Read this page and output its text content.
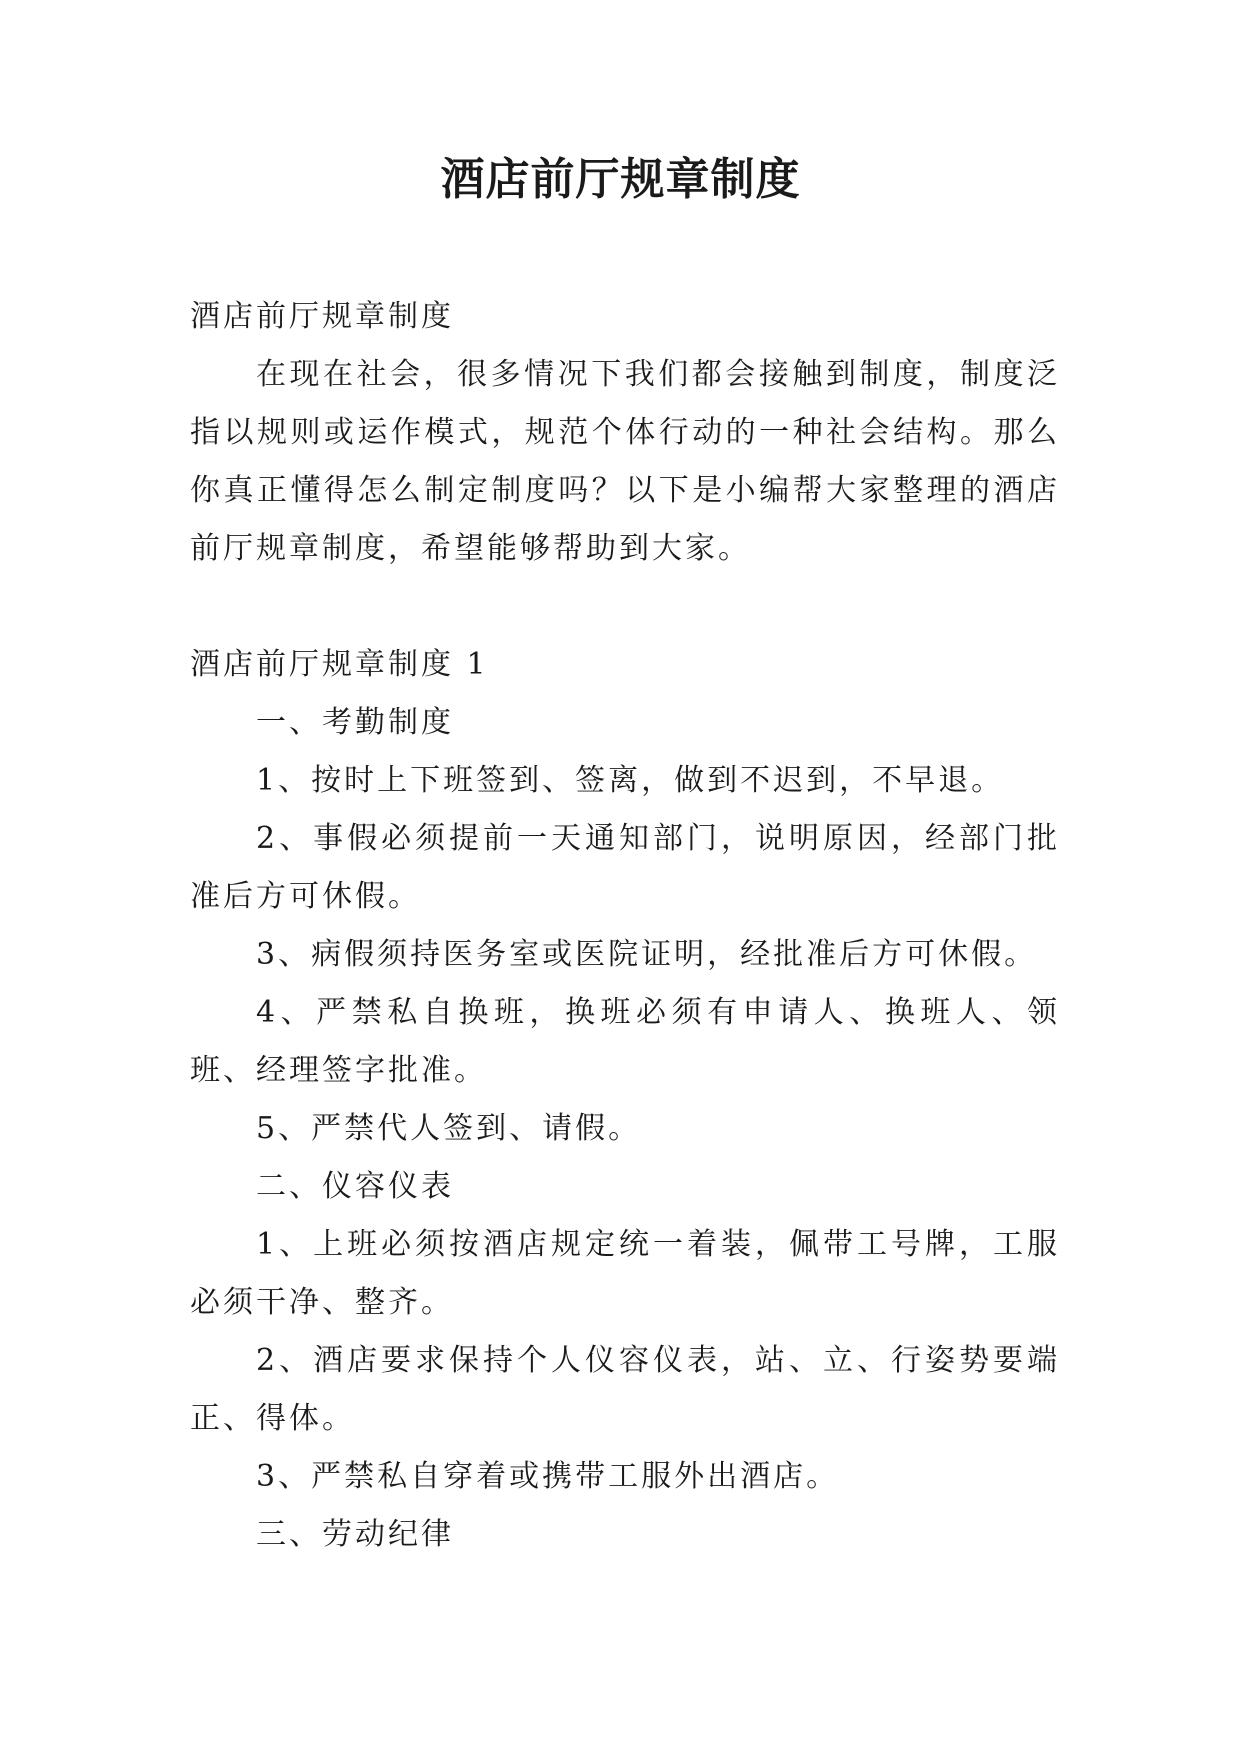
酒店前厅规章制度

酒店前厅规章制度

在现在社会，很多情况下我们都会接触到制度，制度泛指以规则或运作模式，规范个体行动的一种社会结构。那么你真正懂得怎么制定制度吗？以下是小编帮大家整理的酒店前厅规章制度，希望能够帮助到大家。

酒店前厅规章制度 1

一、考勤制度

1、按时上下班签到、签离，做到不迟到，不早退。

2、事假必须提前一天通知部门，说明原因，经部门批准后方可休假。

3、病假须持医务室或医院证明，经批准后方可休假。

4、严禁私自换班，换班必须有申请人、换班人、领班、经理签字批准。

5、严禁代人签到、请假。

二、仪容仪表

1、上班必须按酒店规定统一着装，佩带工号牌，工服必须干净、整齐。

2、酒店要求保持个人仪容仪表，站、立、行姿势要端正、得体。

3、严禁私自穿着或携带工服外出酒店。

三、劳动纪律
